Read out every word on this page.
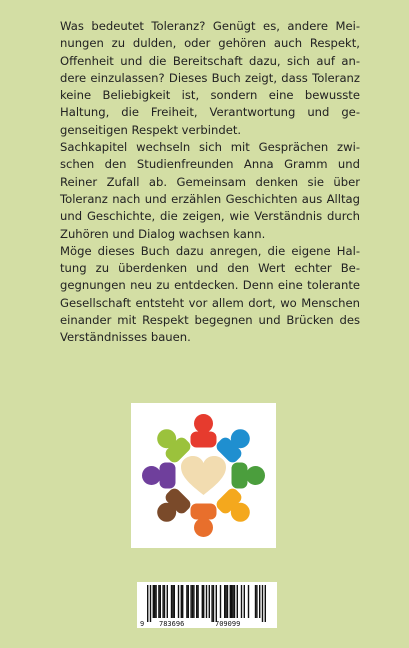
Was bedeutet Toleranz? Genügt es, andere Meinungen zu dulden, oder gehören auch Respekt, Offenheit und die Bereitschaft dazu, sich auf andere einzulassen? Dieses Buch zeigt, dass Toleranz keine Beliebigkeit ist, sondern eine bewusste Haltung, die Freiheit, Verantwortung und gegenseitigen Respekt verbindet.

Sachkapitel wechseln sich mit Gesprächen zwischen den Studienfreunden Anna Gramm und Reiner Zufall ab. Gemeinsam denken sie über Toleranz nach und erzählen Geschichten aus Alltag und Geschichte, die zeigen, wie Verständnis durch Zuhören und Dialog wachsen kann.

Möge dieses Buch dazu anregen, die eigene Haltung zu überdenken und den Wert echter Begegnungen neu zu entdecken. Denn eine tolerante Gesellschaft entsteht vor allem dort, wo Menschen einander mit Respekt begegnen und Brücken des Verständnisses bauen.

9 783696	709099
